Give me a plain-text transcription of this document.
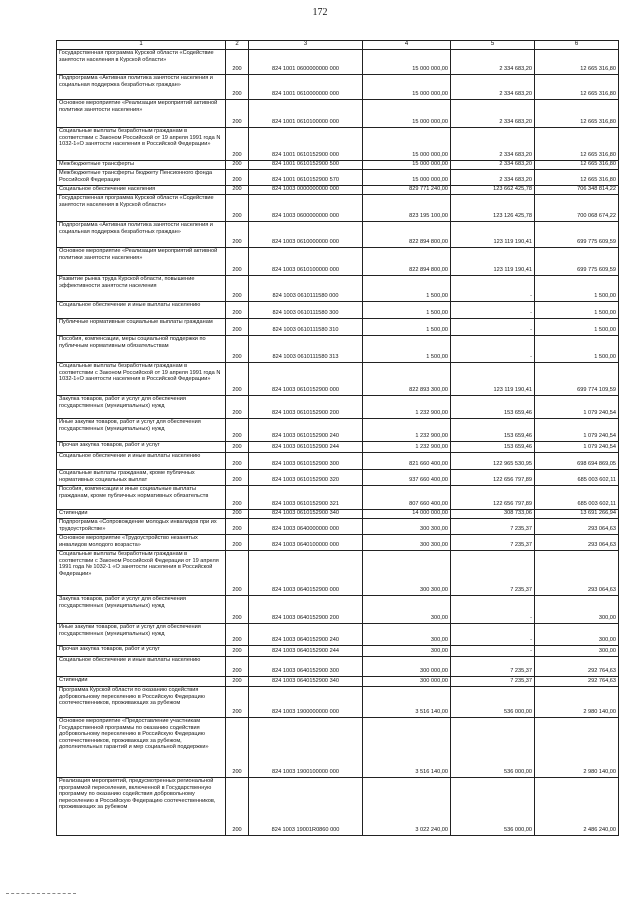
172
1	2	3	4	5	6
Государственная программа Курской области «Содействие занятости населения в Курской области»	200	824 1001 0600000000 000	15 000 000,00	2 334 683,20	12 665 316,80
Подпрограмма «Активная политика занятости населения и социальная поддержка безработных граждан»	200	824 1001 0610000000 000	15 000 000,00	2 334 683,20	12 665 316,80
Основное мероприятие «Реализация мероприятий активной политики занятости населения»	200	824 1001 0610100000 000	15 000 000,00	2 334 683,20	12 665 316,80
Социальные выплаты безработным гражданам в соответствии с Законом Российской от 19 апреля 1991 года N 1032-1«О занятости населения в Российской Федерации»	200	824 1001 0610152900 000	15 000 000,00	2 334 683,20	12 665 316,80
Межбюджетные трансферты	200	824 1001 0610152900 500	15 000 000,00	2 334 683,20	12 665 316,80
Межбюджетные трансферты бюджету Пенсионного фонда Российской Федерации	200	824 1001 0610152900 570	15 000 000,00	2 334 683,20	12 665 316,80
Социальное обеспечение населения	200	824 1003 0000000000 000	829 771 240,00	123 662 425,78	706 348 814,22
Государственная программа Курской области «Содействие занятости населения в Курской области»	200	824 1003 0600000000 000	823 195 100,00	123 126 425,78	700 068 674,22
Подпрограмма «Активная политика занятости населения и социальная поддержка безработных граждан»	200	824 1003 0610000000 000	822 894 800,00	123 119 190,41	699 775 609,59
Основное мероприятие «Реализация мероприятий активной политики занятости населения»	200	824 1003 0610100000 000	822 894 800,00	123 119 190,41	699 775 609,59
Развитие рынка труда Курской области, повышение эффективности занятости населения	200	824 1003 0610111580 000	1 500,00	-	1 500,00
Социальное обеспечение и иные выплаты населению	200	824 1003 0610111580 300	1 500,00	-	1 500,00
Публичные нормативные социальные выплаты гражданам	200	824 1003 0610111580 310	1 500,00	-	1 500,00
Пособия, компенсации, меры социальной поддержки по публичным нормативным обязательствам	200	824 1003 0610111580 313	1 500,00	-	1 500,00
Социальные выплаты безработным гражданам в соответствии с Законом Российской от 19 апреля 1991 года N 1032-1«О занятости населения в Российской Федерации»	200	824 1003 0610152900 000	822 893 300,00	123 119 190,41	699 774 109,59
Закупка товаров, работ и услуг для обеспечения государственных (муниципальных) нужд	200	824 1003 0610152900 200	1 232 900,00	153 659,46	1 079 240,54
Иные закупки товаров, работ и услуг для обеспечения государственных (муниципальных) нужд	200	824 1003 0610152900 240	1 232 900,00	153 659,46	1 079 240,54
Прочая закупка товаров, работ и услуг	200	824 1003 0610152900 244	1 232 900,00	153 659,46	1 079 240,54
Социальное обеспечение и иные выплаты населению	200	824 1003 0610152900 300	821 660 400,00	122 965 530,95	698 694 869,05
Социальные выплаты гражданам, кроме публичных нормативных социальных выплат	200	824 1003 0610152900 320	937 660 400,00	122 656 797,89	685 003 602,11
Пособия, компенсации и иные социальные выплаты гражданам, кроме публичных нормативных обязательств	200	824 1003 0610152900 321	807 660 400,00	122 656 797,89	685 003 602,11
Стипендии	200	824 1003 0610152900 340	14 000 000,00	308 733,06	13 691 266,94
Подпрограмма «Сопровождение молодых инвалидов при их трудоустройстве»	200	824 1003 0640000000 000	300 300,00	7 235,37	293 064,63
Основное мероприятие «Трудоустройство незанятых инвалидов молодого возраста»	200	824 1003 0640100000 000	300 300,00	7 235,37	293 064,63
Социальные выплаты безработным гражданам в соответствии с Законом Российской Федерации от 19 апреля 1991 года № 1032-1 «О занятости населения в Российской Федерации»	200	824 1003 0640152900 000	300 300,00	7 235,37	293 064,63
Закупка товаров, работ и услуг для обеспечения государственных (муниципальных) нужд	200	824 1003 0640152900 200	300,00	-	300,00
Иные закупки товаров, работ и услуг для обеспечения государственных (муниципальных) нужд	200	824 1003 0640152900 240	300,00	-	300,00
Прочая закупка товаров, работ и услуг	200	824 1003 0640152900 244	300,00	-	300,00
Социальное обеспечение и иные выплаты населению	200	824 1003 0640152900 300	300 000,00	7 235,37	292 764,63
Стипендии	200	824 1003 0640152900 340	300 000,00	7 235,37	292 764,63
Программа Курской области по оказанию содействия добровольному переселению в Российскую Федерацию соотечественников, проживающих за рубежом	200	824 1003 1900000000 000	3 516 140,00	536 000,00	2 980 140,00
Основное мероприятие «Предоставление участникам Государственной программы по оказанию содействия добровольному переселению в Российскую Федерацию соотечественников, проживающих за рубежом, дополнительных гарантий и мер социальной поддержки»	200	824 1003 1900100000 000	3 516 140,00	536 000,00	2 980 140,00
Реализация мероприятий, предусмотренных региональной программой переселения, включенной в Государственную программу по оказанию содействия добровольному переселению в Российскую Федерацию соотечественников, проживающих за рубежом	200	824 1003 19001R0860 000	3 022 240,00	536 000,00	2 486 240,00
